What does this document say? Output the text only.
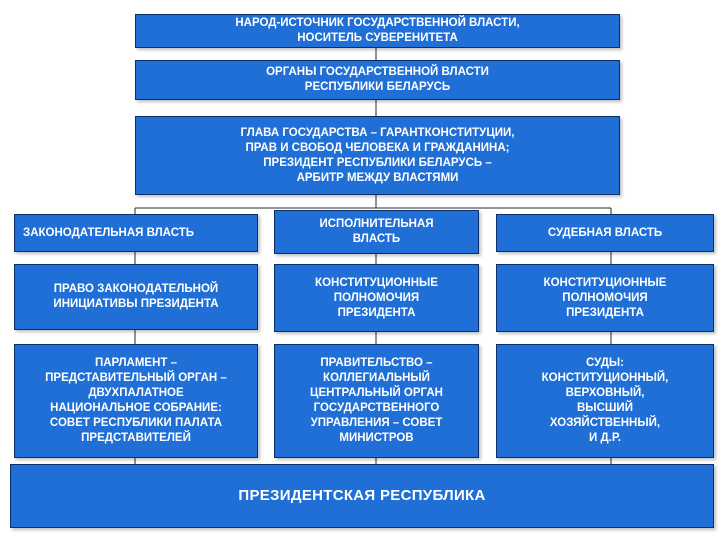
НАРОД-ИСТОЧНИК ГОСУДАРСТВЕННОЙ ВЛАСТИ,
НОСИТЕЛЬ СУВЕРЕНИТЕТА
ОРГАНЫ ГОСУДАРСТВЕННОЙ ВЛАСТИ
РЕСПУБЛИКИ БЕЛАРУСЬ
ГЛАВА ГОСУДАРСТВА – ГАРАНТКОНСТИТУЦИИ,
ПРАВ И СВОБОД ЧЕЛОВЕКА И ГРАЖДАНИНА;
ПРЕЗИДЕНТ РЕСПУБЛИКИ БЕЛАРУСЬ –
АРБИТР МЕЖДУ ВЛАСТЯМИ
ЗАКОНОДАТЕЛЬНАЯ ВЛАСТЬ
ИСПОЛНИТЕЛЬНАЯ
ВЛАСТЬ
СУДЕБНАЯ ВЛАСТЬ
ПРАВО ЗАКОНОДАТЕЛЬНОЙ
ИНИЦИАТИВЫ ПРЕЗИДЕНТА
КОНСТИТУЦИОННЫЕ
ПОЛНОМОЧИЯ
ПРЕЗИДЕНТА
КОНСТИТУЦИОННЫЕ
ПОЛНОМОЧИЯ
ПРЕЗИДЕНТА
ПАРЛАМЕНТ –
ПРЕДСТАВИТЕЛЬНЫЙ ОРГАН –
ДВУХПАЛАТНОЕ
НАЦИОНАЛЬНОЕ СОБРАНИЕ:
СОВЕТ РЕСПУБЛИКИ ПАЛАТА
ПРЕДСТАВИТЕЛЕЙ
ПРАВИТЕЛЬСТВО –
КОЛЛЕГИАЛЬНЫЙ
ЦЕНТРАЛЬНЫЙ ОРГАН
ГОСУДАРСТВЕННОГО
УПРАВЛЕНИЯ – СОВЕТ
МИНИСТРОВ
СУДЫ:
КОНСТИТУЦИОННЫЙ,
ВЕРХОВНЫЙ,
ВЫСШИЙ
ХОЗЯЙСТВЕННЫЙ,
И Д.Р.
ПРЕЗИДЕНТСКАЯ РЕСПУБЛИКА
